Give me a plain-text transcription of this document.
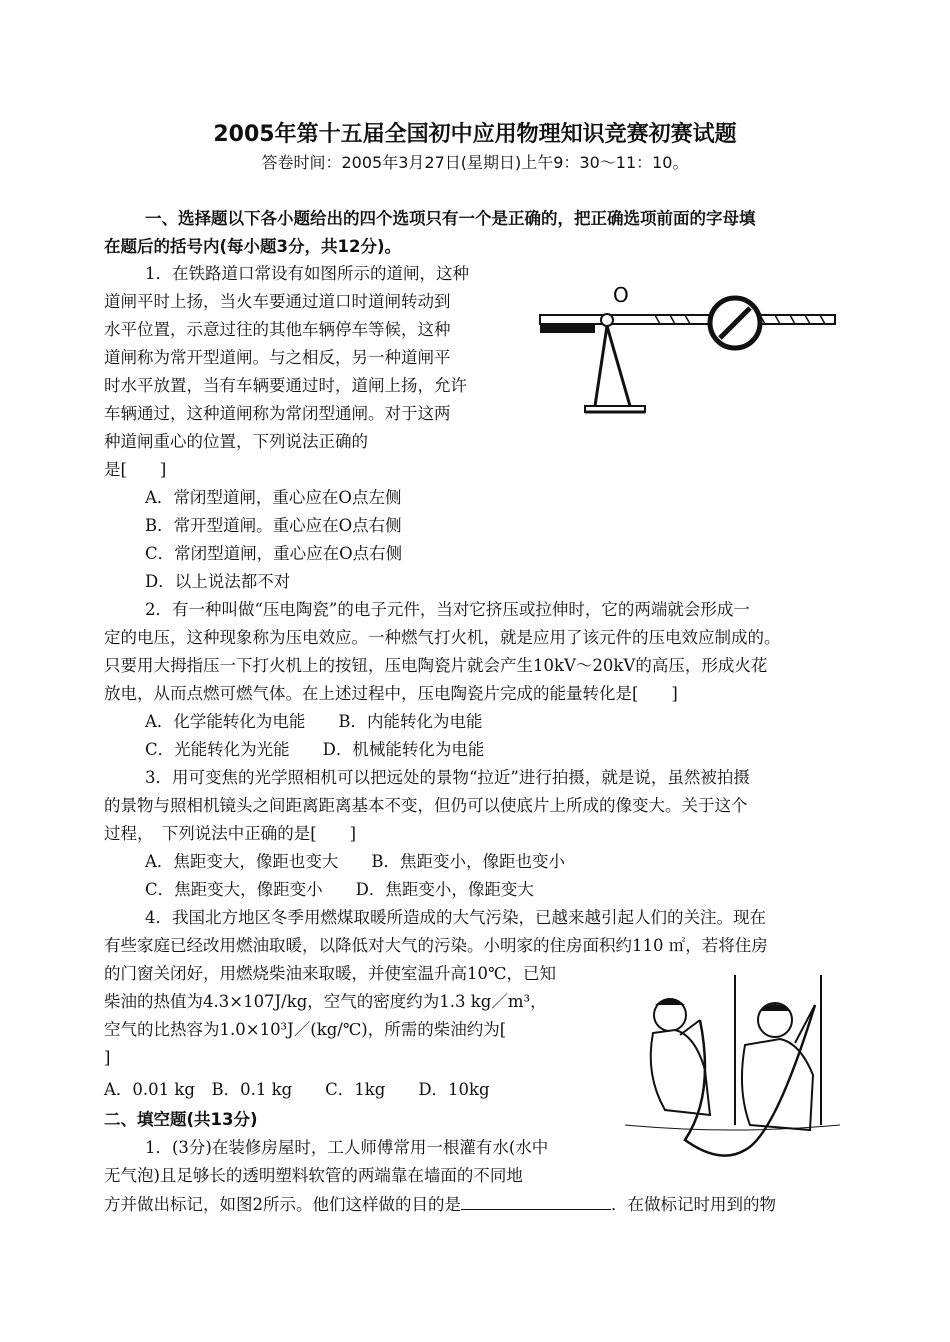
2005年第十五届全国初中应用物理知识竞赛初赛试题
答卷时间：2005年3月27日(星期日)上午9：30～11：10。
一、选择题以下各小题给出的四个选项只有一个是正确的，把正确选项前面的字母填
在题后的括号内(每小题3分，共12分)。
1．在铁路道口常设有如图所示的道闸，这种
道闸平时上扬，当火车要通过道口时道闸转动到
水平位置，示意过往的其他车辆停车等候，这种
道闸称为常开型道闸。与之相反，另一种道闸平
时水平放置，当有车辆要通过时，道闸上扬，允许
车辆通过，这种道闸称为常闭型通闸。对于这两
种道闸重心的位置，下列说法正确的
是[　　]
A．常闭型道闸，重心应在O点左侧
B．常开型道闸。重心应在O点右侧
C．常闭型道闸，重心应在O点右侧
D．以上说法都不对
O
2．有一种叫做“压电陶瓷”的电子元件，当对它挤压或拉伸时，它的两端就会形成一
定的电压，这种现象称为压电效应。一种燃气打火机，就是应用了该元件的压电效应制成的。
只要用大拇指压一下打火机上的按钮，压电陶瓷片就会产生10kV～20kV的高压，形成火花
放电，从而点燃可燃气体。在上述过程中，压电陶瓷片完成的能量转化是[　　]
A．化学能转化为电能　　B．内能转化为电能
C．光能转化为光能　　D．机械能转化为电能
3．用可变焦的光学照相机可以把远处的景物“拉近”进行拍摄，就是说，虽然被拍摄
的景物与照相机镜头之间距离距离基本不变，但仍可以使底片上所成的像变大。关于这个
过程，　下列说法中正确的是[　　]
A．焦距变大，像距也变大　　B．焦距变小，像距也变小
C．焦距变大，像距变小　　D．焦距变小，像距变大
4．我国北方地区冬季用燃煤取暖所造成的大气污染，已越来越引起人们的关注。现在
有些家庭已经改用燃油取暖，以降低对大气的污染。小明家的住房面积约110 ㎡，若将住房
的门窗关闭好，用燃烧柴油来取暖，并使室温升高10℃，已知
柴油的热值为4.3×107J/kg，空气的密度约为1.3 kg／m³，
空气的比热容为1.0×10³J／(kg/℃)，所需的柴油约为[
]
A．0.01 kg　B．0.1 kg　　C．1kg　　D．10kg
二、填空题(共13分)
1．(3分)在装修房屋时，工人师傅常用一根灌有水(水中
无气泡)且足够长的透明塑料软管的两端靠在墙面的不同地
方并做出标记，如图2所示。他们这样做的目的是	．在做标记时用到的物
